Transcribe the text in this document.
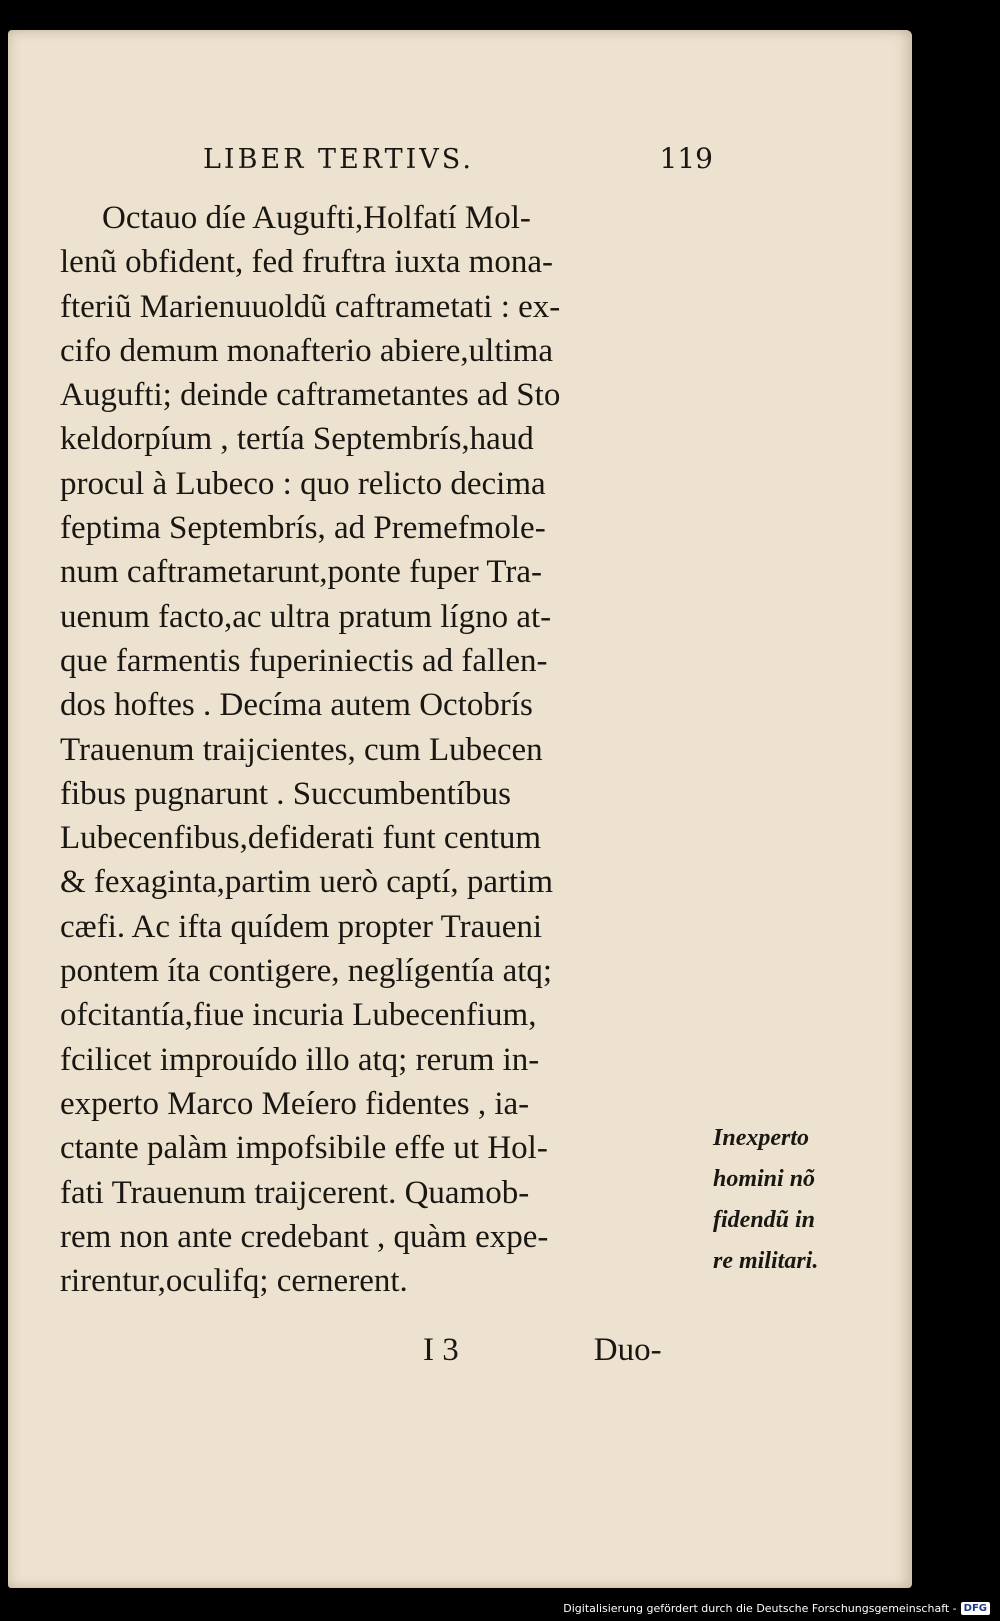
LIBER TERTIVS.	119
Octauo díe Augufti,Holfatí Mol-
lenũ obfident, fed fruftra iuxta mona-
fteriũ Marienuuoldũ caftrametati : ex-
cifo demum monafterio abiere,ultima
Augufti; deinde caftrametantes ad Sto
keldorpíum , tertía Septembrís,haud
procul à Lubeco : quo relicto decima
feptima Septembrís, ad Premefmole-
num caftrametarunt,ponte fuper Tra-
uenum facto,ac ultra pratum lígno at-
que farmentis fuperiniectis ad fallen-
dos hoftes . Decíma autem Octobrís
Trauenum traijcientes, cum Lubecen
fibus pugnarunt . Succumbentíbus
Lubecenfibus,defiderati funt centum
& fexaginta,partim uerò captí, partim
cæfi. Ac ifta quídem propter Traueni
pontem íta contigere, neglígentía atq;
ofcitantía,fiue incuria Lubecenfium,
fcilicet improuído illo atq; rerum in-
experto Marco Meíero fidentes , ia-
ctante palàm impofsibile effe ut Hol-
fati Trauenum traijcerent. Quamob-
rem non ante credebant , quàm expe-
rirentur,oculifq; cernerent.
Inexperto
homini nõ
fidendũ in
re militari.
I 3	Duo-
Digitalisierung gefördert durch die Deutsche Forschungsgemeinschaft - DFG
